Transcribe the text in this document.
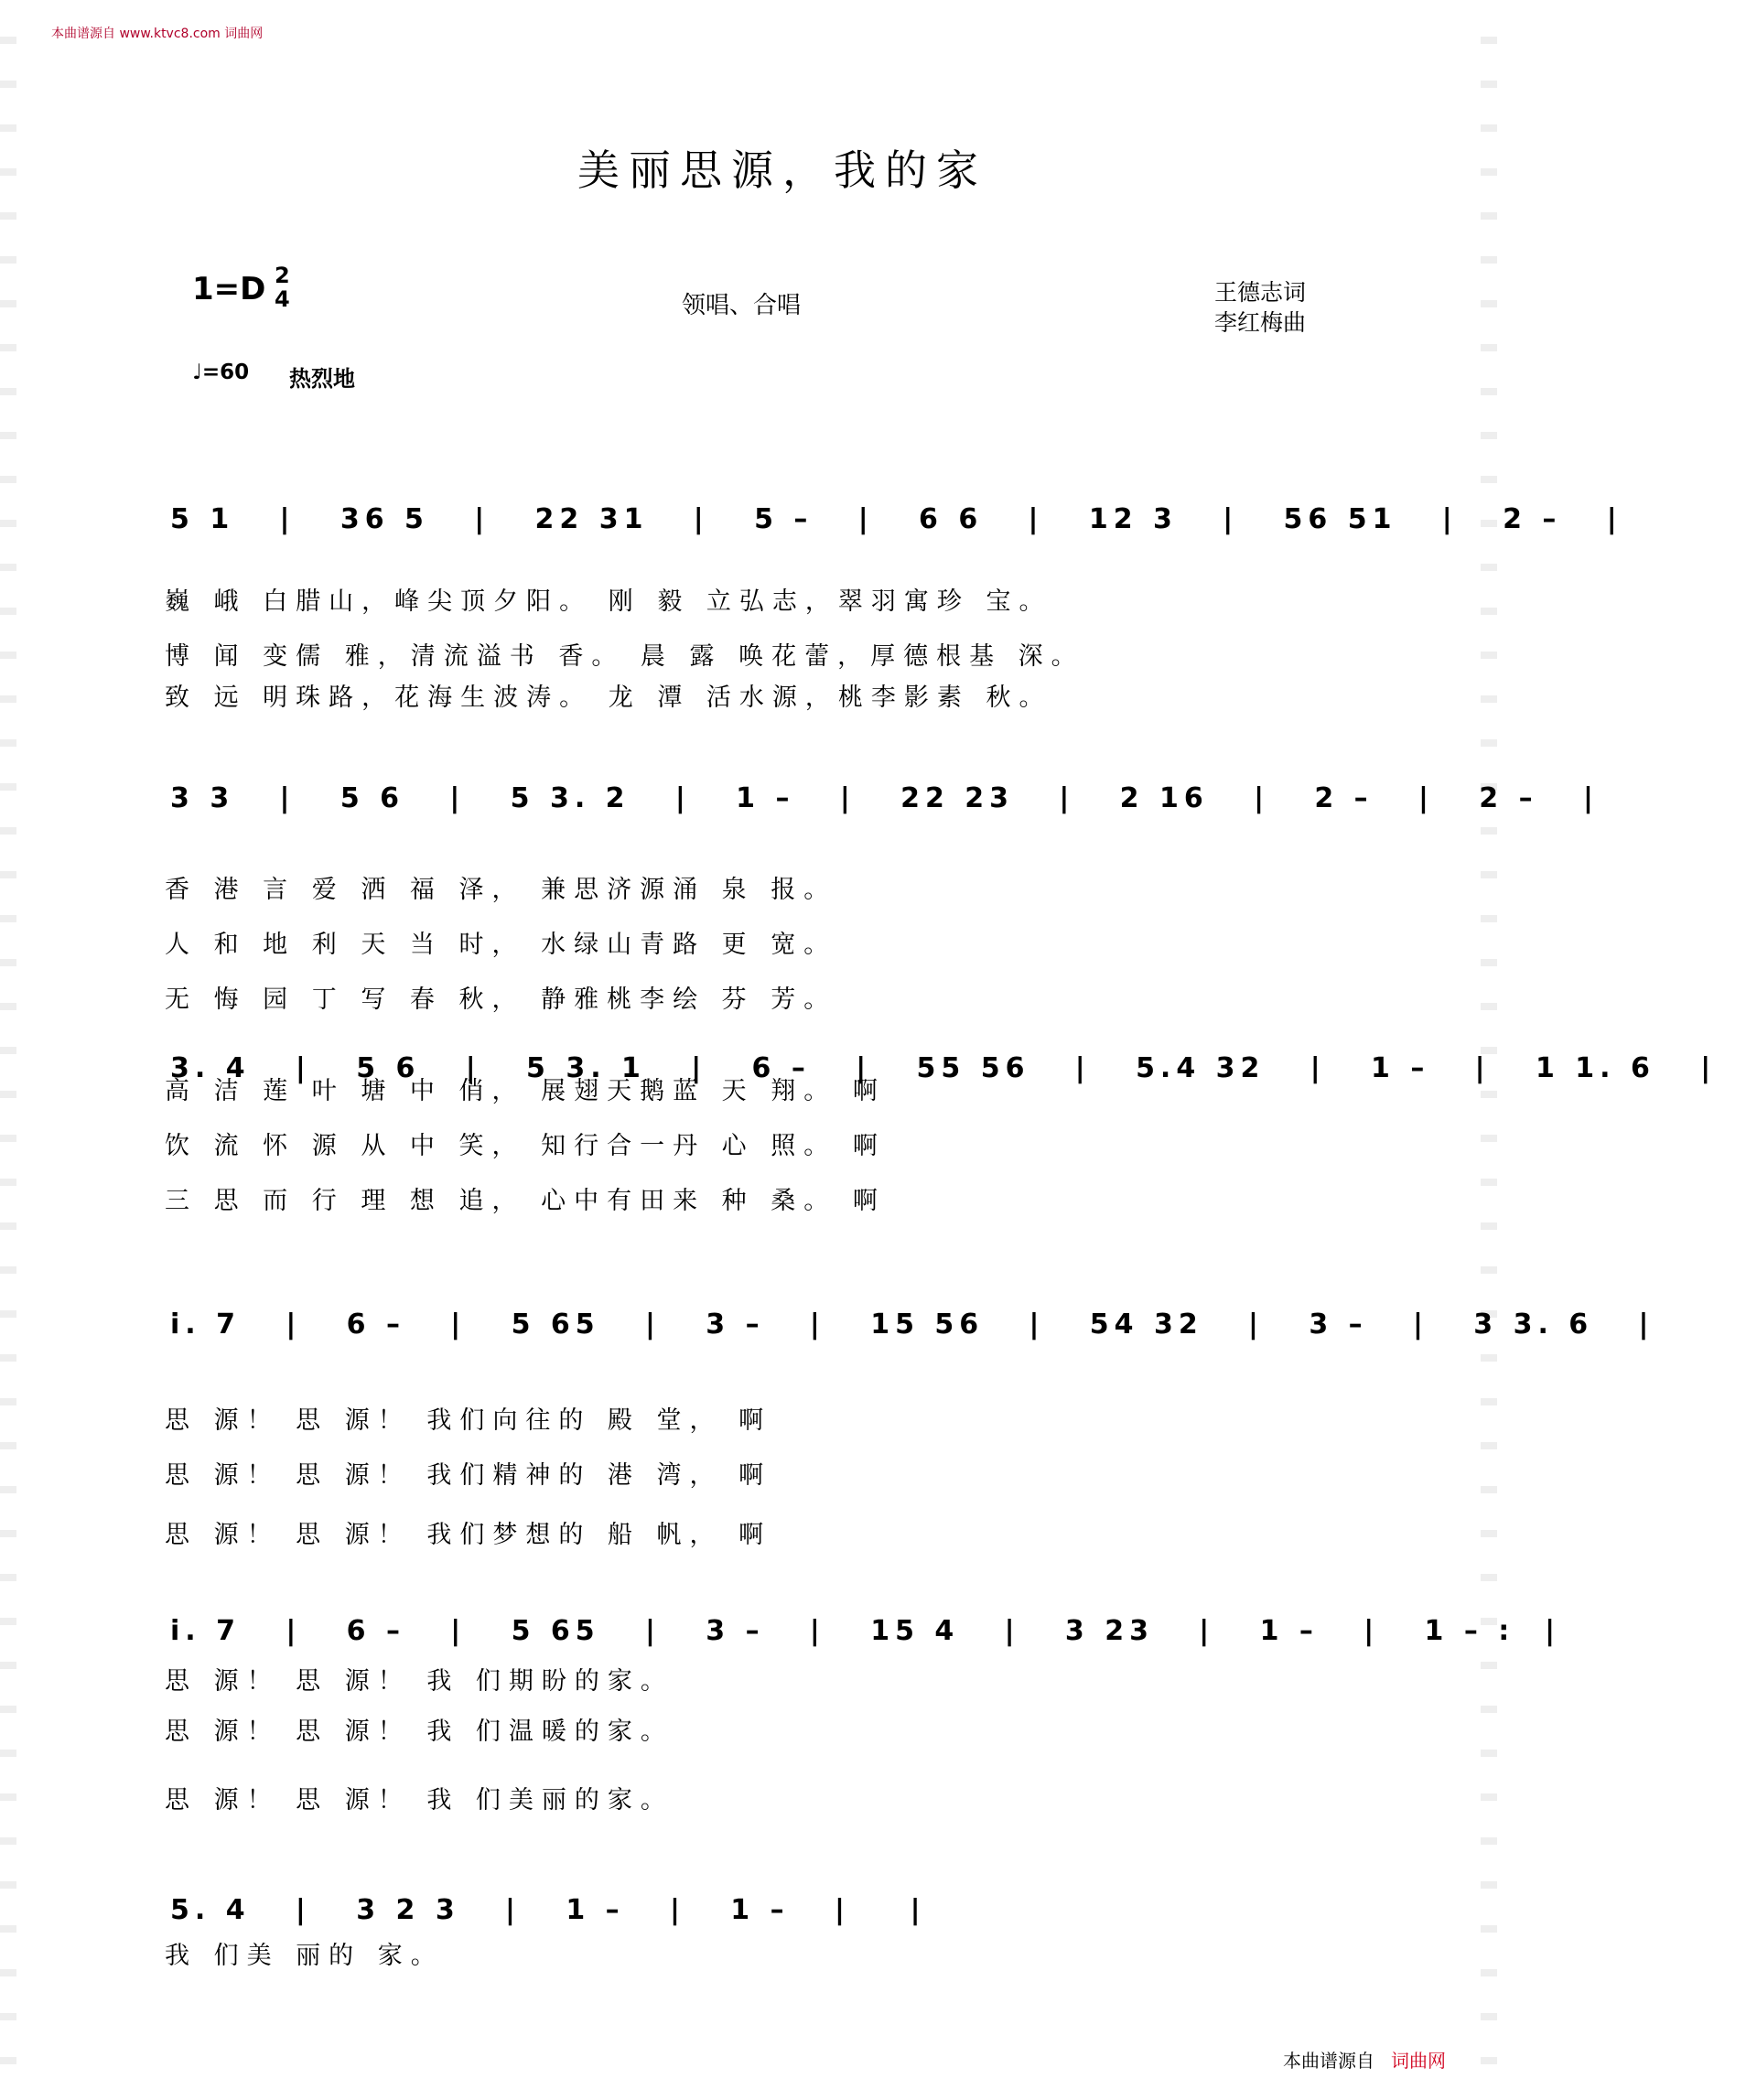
本曲谱源自 www.ktvc8.com 词曲网
美丽思源，我的家
1=D 2
4	领唱、合唱	王德志词
李红梅曲
♩=60 热烈地
5 1   |   36 5   |   22 31   |   5 –   |   6 6   |   12 3   |   56 51   |   2 –   |
巍 峨 白腊山，峰尖顶夕阳。 刚 毅 立弘志，翠羽寓珍 宝。
博 闻 变儒 雅，清流溢书 香。 晨 露 唤花蕾，厚德根基 深。
致 远 明珠路，花海生波涛。 龙 潭 活水源，桃李影素 秋。
3 3   |   5 6   |   5 3. 2   |   1 –   |   22 23   |   2 16   |   2 –   |   2 –   |
香 港 言 爱 洒 福 泽， 兼思济源涌 泉 报。
人 和 地 利 天 当 时， 水绿山青路 更 宽。
无 悔 园 丁 写 春 秋， 静雅桃李绘 芬 芳。
3. 4   |   5 6   |   5 3. 1   |   6 –   |   55 56   |   5.4 32   |   1 –   |   1 1. 6   |
高 洁 莲 叶 塘 中 俏， 展翅天鹅蓝 天 翔。 啊
饮 流 怀 源 从 中 笑， 知行合一丹 心 照。 啊
三 思 而 行 理 想 追， 心中有田来 种 桑。 啊
i. 7   |   6 –   |   5 65   |   3 –   |   15 56   |   54 32   |   3 –   |   3 3. 6   |
思 源！ 思 源！ 我们向往的 殿 堂， 啊
思 源！ 思 源！ 我们精神的 港 湾， 啊
思 源！ 思 源！ 我们梦想的 船 帆， 啊
i. 7   |   6 –   |   5 65   |   3 –   |   15 4   |   3 23   |   1 –   |   1 – :  |
思 源！ 思 源！ 我 们期盼的家。
思 源！ 思 源！ 我 们温暖的家。
思 源！ 思 源！ 我 们美丽的家。
5. 4   |   3 2 3   |   1 –   |   1 –   |    |
我 们美 丽的 家。
本曲谱源自 词曲网
